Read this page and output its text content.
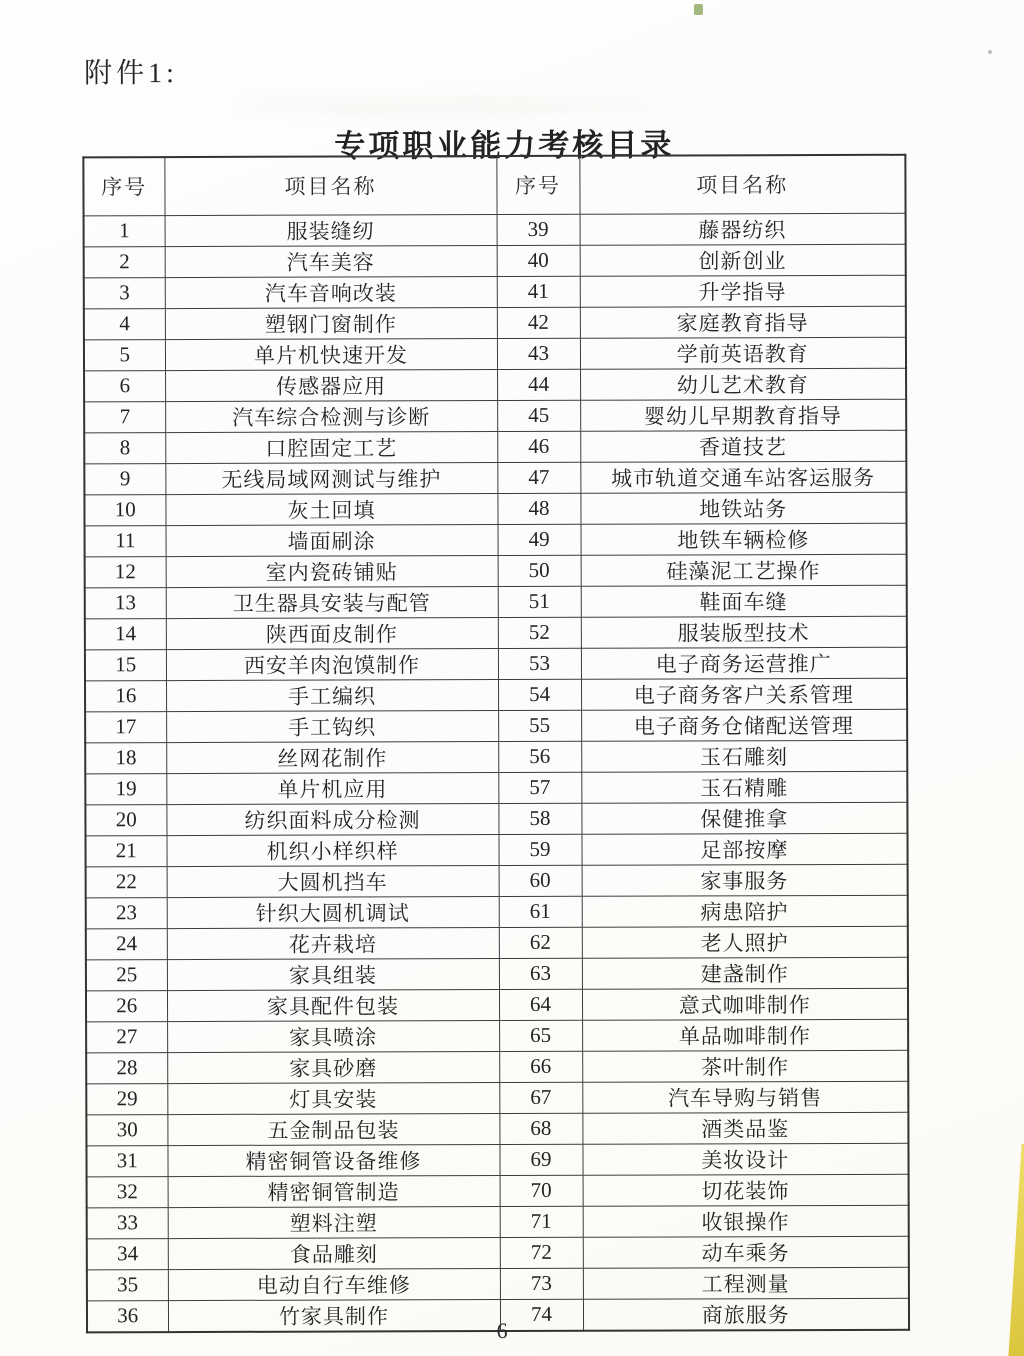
附件1:
专项职业能力考核目录
序号	项目名称	序号	项目名称
1	服装缝纫	39	藤器纺织
2	汽车美容	40	创新创业
3	汽车音响改装	41	升学指导
4	塑钢门窗制作	42	家庭教育指导
5	单片机快速开发	43	学前英语教育
6	传感器应用	44	幼儿艺术教育
7	汽车综合检测与诊断	45	婴幼儿早期教育指导
8	口腔固定工艺	46	香道技艺
9	无线局域网测试与维护	47	城市轨道交通车站客运服务
10	灰土回填	48	地铁站务
11	墙面刷涂	49	地铁车辆检修
12	室内瓷砖铺贴	50	硅藻泥工艺操作
13	卫生器具安装与配管	51	鞋面车缝
14	陕西面皮制作	52	服装版型技术
15	西安羊肉泡馍制作	53	电子商务运营推广
16	手工编织	54	电子商务客户关系管理
17	手工钩织	55	电子商务仓储配送管理
18	丝网花制作	56	玉石雕刻
19	单片机应用	57	玉石精雕
20	纺织面料成分检测	58	保健推拿
21	机织小样织样	59	足部按摩
22	大圆机挡车	60	家事服务
23	针织大圆机调试	61	病患陪护
24	花卉栽培	62	老人照护
25	家具组装	63	建盏制作
26	家具配件包装	64	意式咖啡制作
27	家具喷涂	65	单品咖啡制作
28	家具砂磨	66	茶叶制作
29	灯具安装	67	汽车导购与销售
30	五金制品包装	68	酒类品鉴
31	精密铜管设备维修	69	美妆设计
32	精密铜管制造	70	切花装饰
33	塑料注塑	71	收银操作
34	食品雕刻	72	动车乘务
35	电动自行车维修	73	工程测量
36	竹家具制作	74	商旅服务
6
